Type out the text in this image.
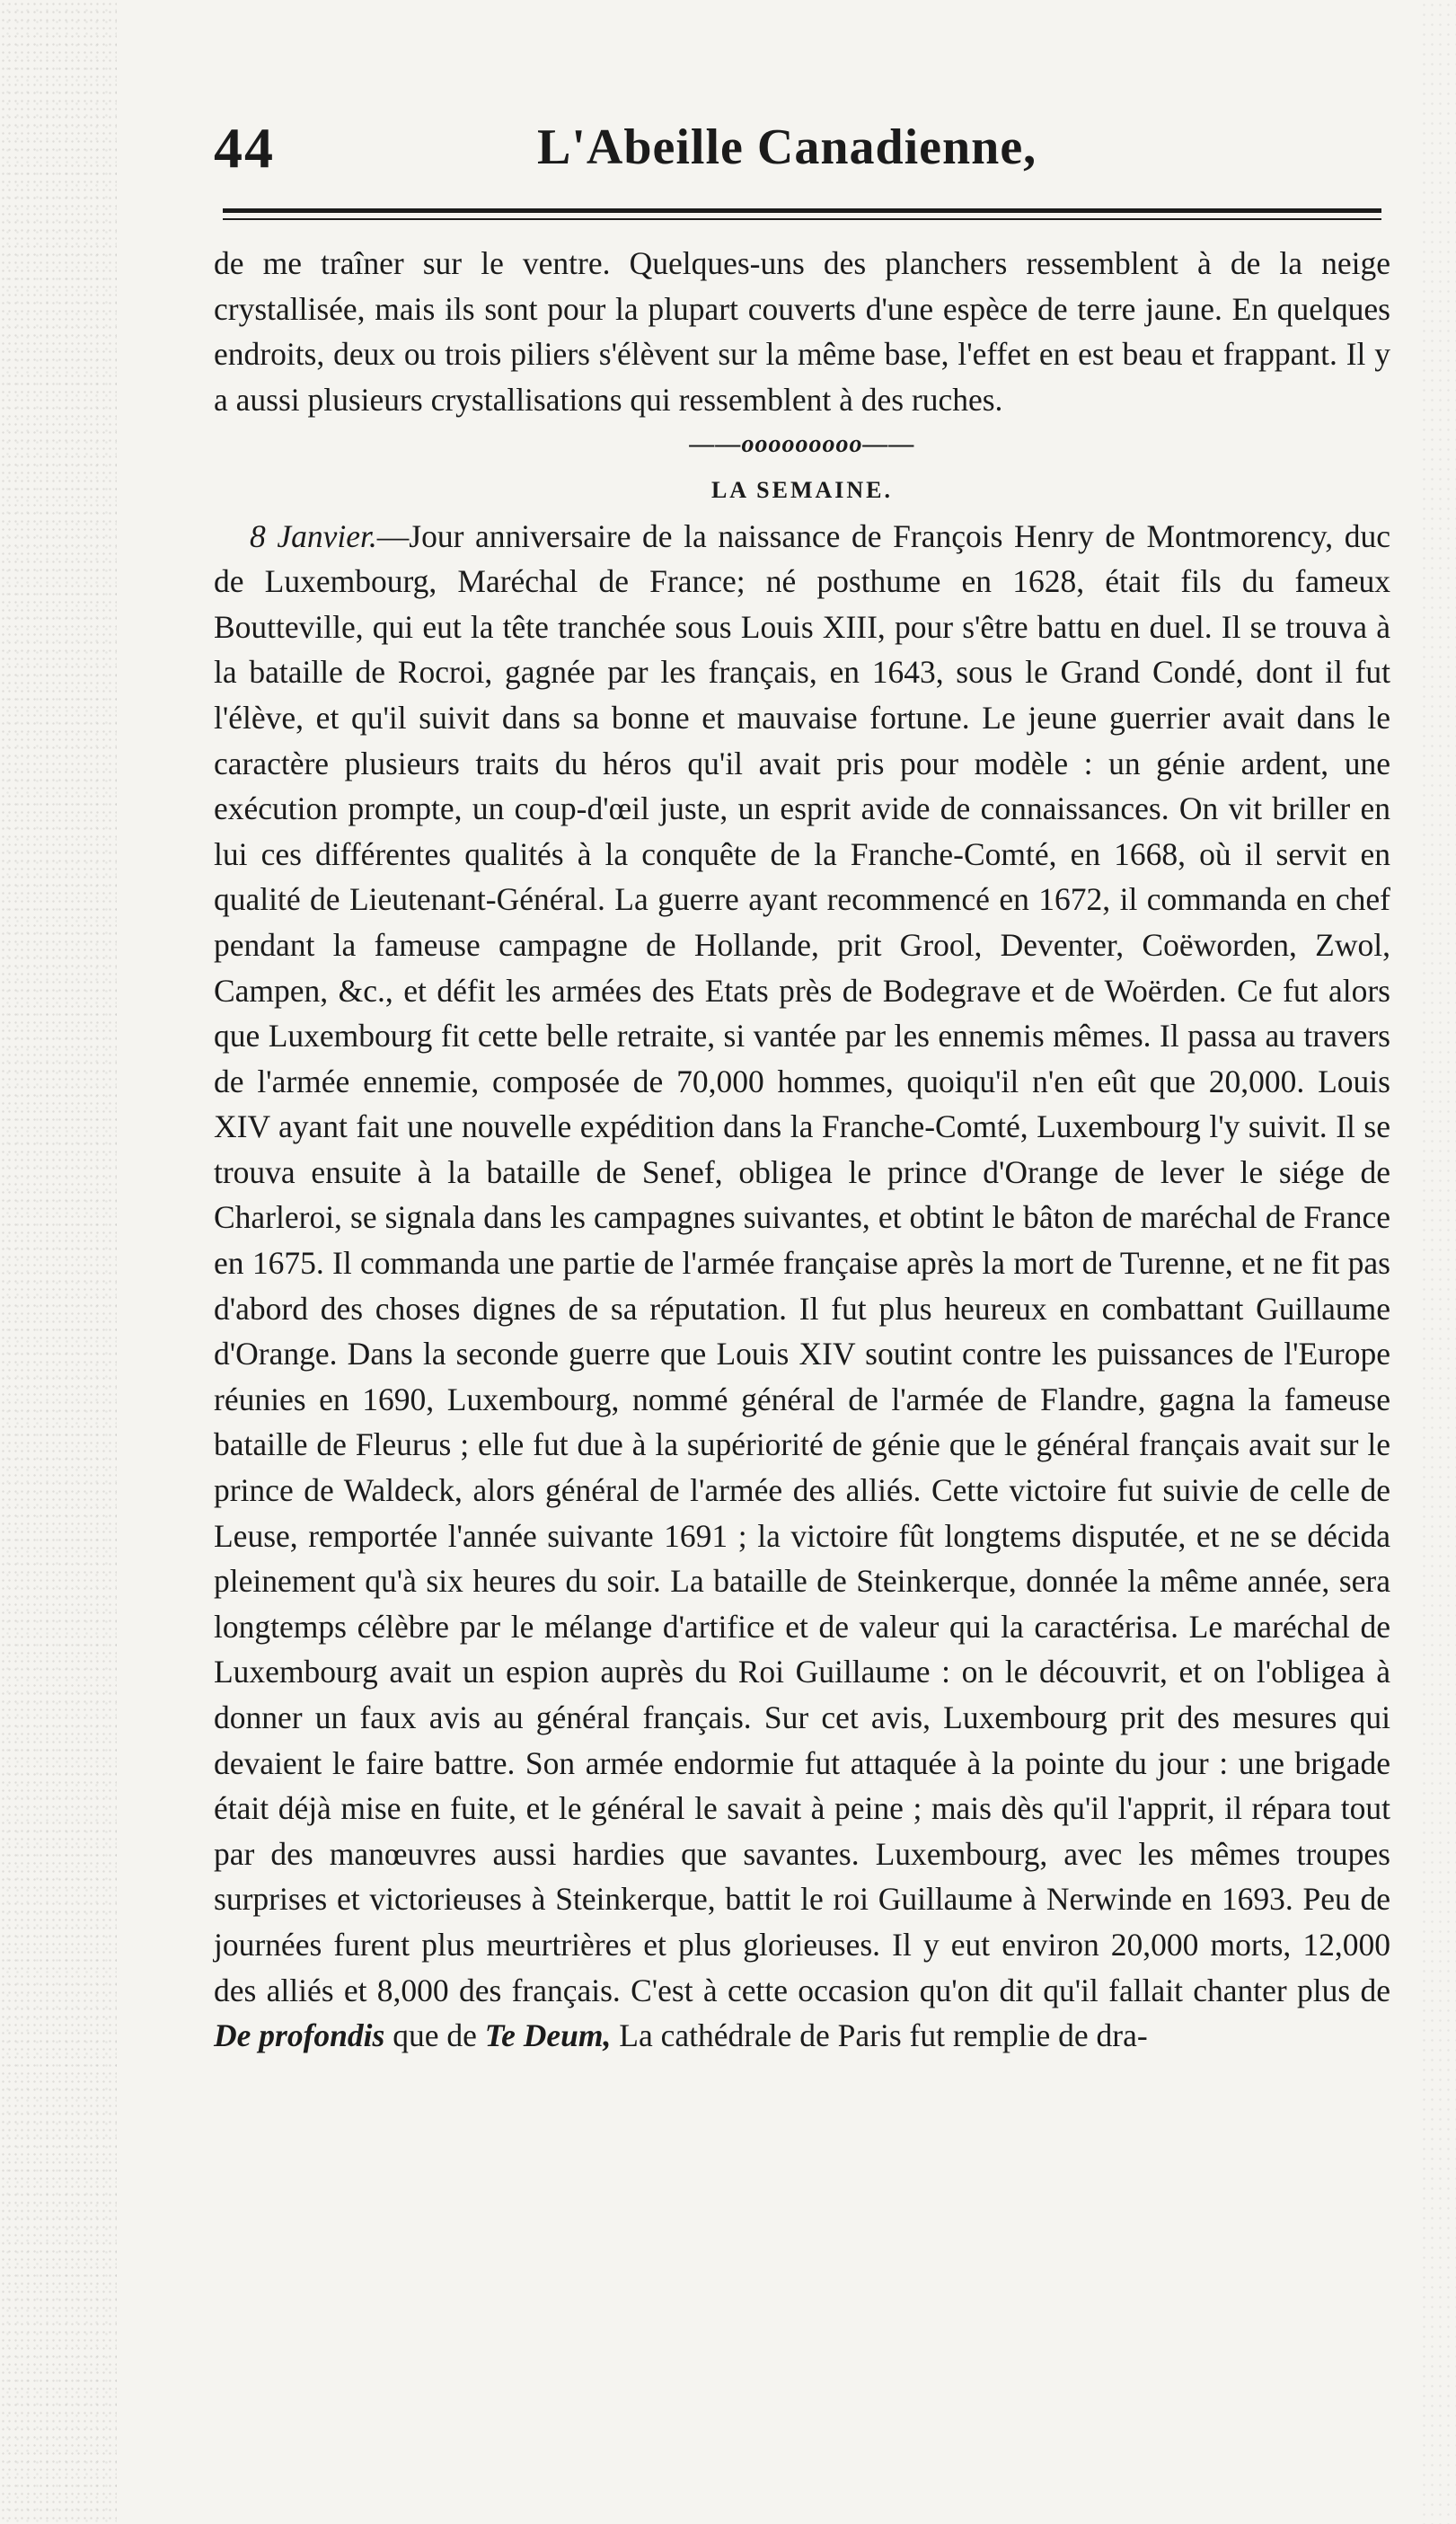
44	L'Abeille Canadienne,

de me traîner sur le ventre. Quelques-uns des planchers ressemblent à de la neige crystallisée, mais ils sont pour la plupart couverts d'une espèce de terre jaune. En quelques endroits, deux ou trois piliers s'élèvent sur la même base, l'effet en est beau et frappant. Il y a aussi plusieurs crystallisations qui ressemblent à des ruches.

——ooooooooo——
LA SEMAINE.

8 Janvier.—Jour anniversaire de la naissance de François Henry de Montmorency, duc de Luxembourg, Maréchal de France; né posthume en 1628, était fils du fameux Boutteville, qui eut la tête tranchée sous Louis XIII, pour s'être battu en duel. Il se trouva à la bataille de Rocroi, gagnée par les français, en 1643, sous le Grand Condé, dont il fut l'élève, et qu'il suivit dans sa bonne et mauvaise fortune. Le jeune guerrier avait dans le caractère plusieurs traits du héros qu'il avait pris pour modèle : un génie ardent, une exécution prompte, un coup-d'œil juste, un esprit avide de connaissances. On vit briller en lui ces différentes qualités à la conquête de la Franche-Comté, en 1668, où il servit en qualité de Lieutenant-Général. La guerre ayant recommencé en 1672, il commanda en chef pendant la fameuse campagne de Hollande, prit Grool, Deventer, Coëworden, Zwol, Campen, &c., et défit les armées des Etats près de Bodegrave et de Woërden. Ce fut alors que Luxembourg fit cette belle retraite, si vantée par les ennemis mêmes. Il passa au travers de l'armée ennemie, composée de 70,000 hommes, quoiqu'il n'en eût que 20,000. Louis XIV ayant fait une nouvelle expédition dans la Franche-Comté, Luxembourg l'y suivit. Il se trouva ensuite à la bataille de Senef, obligea le prince d'Orange de lever le siége de Charleroi, se signala dans les campagnes suivantes, et obtint le bâton de maréchal de France en 1675. Il commanda une partie de l'armée française après la mort de Turenne, et ne fit pas d'abord des choses dignes de sa réputation. Il fut plus heureux en combattant Guillaume d'Orange. Dans la seconde guerre que Louis XIV soutint contre les puissances de l'Europe réunies en 1690, Luxembourg, nommé général de l'armée de Flandre, gagna la fameuse bataille de Fleurus ; elle fut due à la supériorité de génie que le général français avait sur le prince de Waldeck, alors général de l'armée des alliés. Cette victoire fut suivie de celle de Leuse, remportée l'année suivante 1691 ; la victoire fût longtems disputée, et ne se décida pleinement qu'à six heures du soir. La bataille de Steinkerque, donnée la même année, sera longtemps célèbre par le mélange d'artifice et de valeur qui la caractérisa. Le maréchal de Luxembourg avait un espion auprès du Roi Guillaume : on le découvrit, et on l'obligea à donner un faux avis au général français. Sur cet avis, Luxembourg prit des mesures qui devaient le faire battre. Son armée endormie fut attaquée à la pointe du jour : une brigade était déjà mise en fuite, et le général le savait à peine ; mais dès qu'il l'apprit, il répara tout par des manœuvres aussi hardies que savantes. Luxembourg, avec les mêmes troupes surprises et victorieuses à Steinkerque, battit le roi Guillaume à Nerwinde en 1693. Peu de journées furent plus meurtrières et plus glorieuses. Il y eut environ 20,000 morts, 12,000 des alliés et 8,000 des français. C'est à cette occasion qu'on dit qu'il fallait chanter plus de De profondis que de Te Deum, La cathédrale de Paris fut remplie de dra-
